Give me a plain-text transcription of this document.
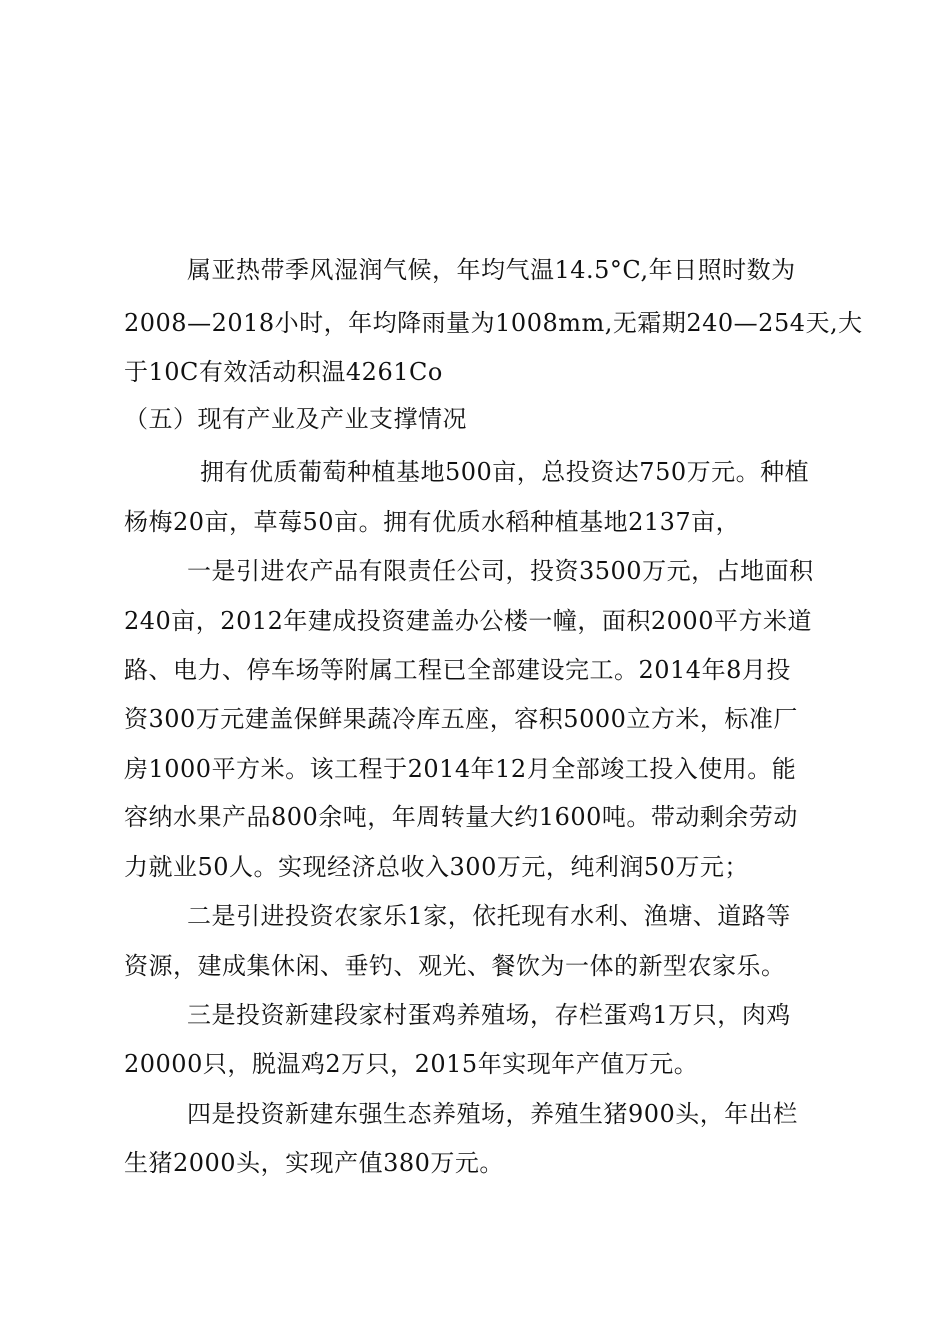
属亚热带季风湿润气候，年均气温14.5°C,年日照时数为
2008—2018小时，年均降雨量为1008mm,无霜期240—254天,大
于10C有效活动积温4261Co
（五）现有产业及产业支撑情况
拥有优质葡萄种植基地500亩，总投资达750万元。种植
杨梅20亩，草莓50亩。拥有优质水稻种植基地2137亩，
一是引进农产品有限责任公司，投资3500万元，占地面积
240亩，2012年建成投资建盖办公楼一幢，面积2000平方米道
路、电力、停车场等附属工程已全部建设完工。2014年8月投
资300万元建盖保鲜果蔬冷库五座，容积5000立方米，标准厂
房1000平方米。该工程于2014年12月全部竣工投入使用。能
容纳水果产品800余吨，年周转量大约1600吨。带动剩余劳动
力就业50人。实现经济总收入300万元，纯利润50万元；
二是引进投资农家乐1家，依托现有水利、渔塘、道路等
资源，建成集休闲、垂钓、观光、餐饮为一体的新型农家乐。
三是投资新建段家村蛋鸡养殖场，存栏蛋鸡1万只，肉鸡
20000只，脱温鸡2万只，2015年实现年产值万元。
四是投资新建东强生态养殖场，养殖生猪900头，年出栏
生猪2000头，实现产值380万元。
